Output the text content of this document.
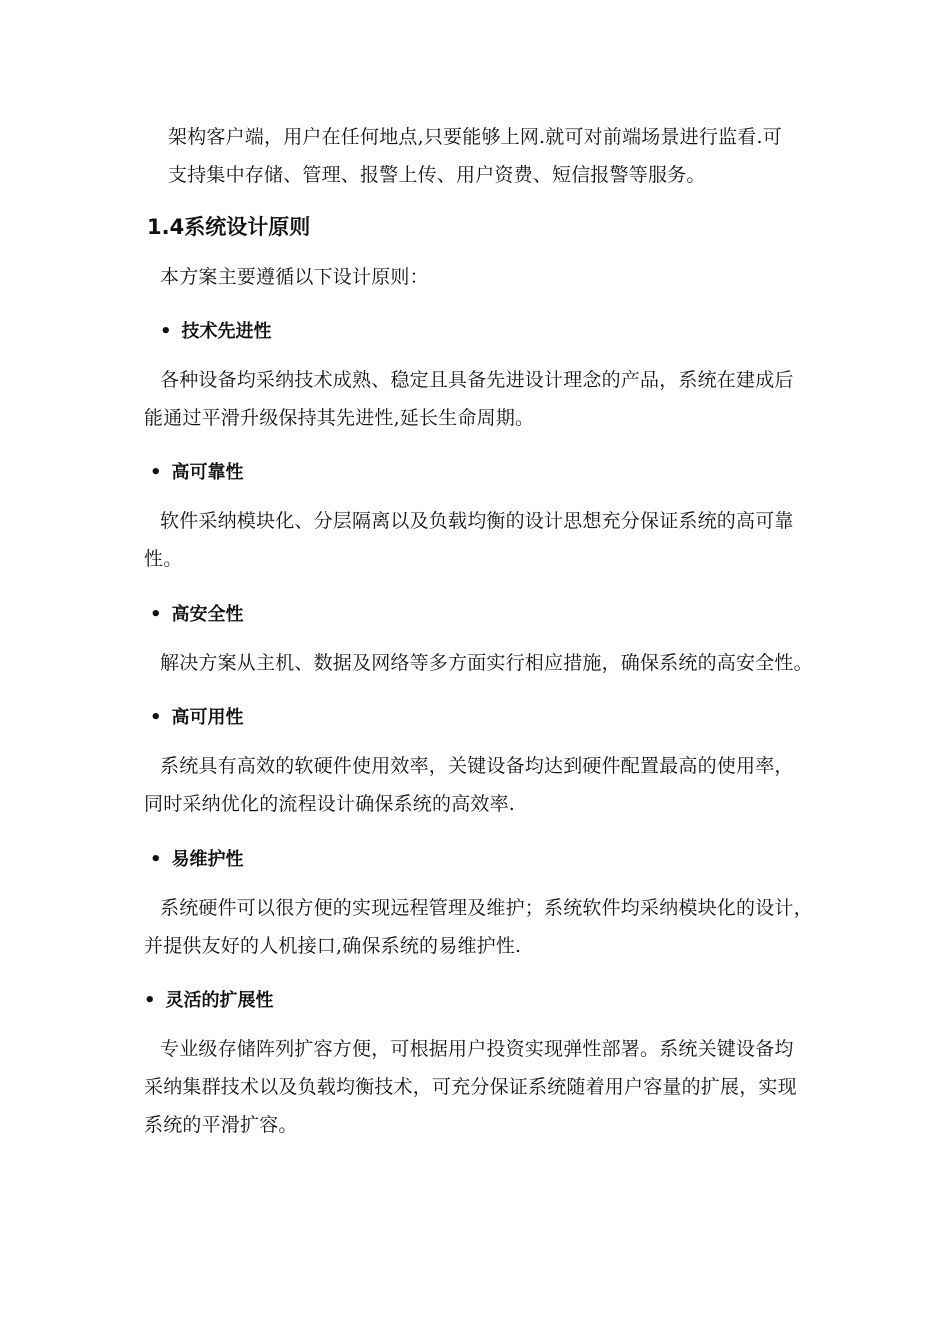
架构客户端，用户在任何地点,只要能够上网.就可对前端场景进行监看.可
支持集中存储、管理、报警上传、用户资费、短信报警等服务。
1.4系统设计原则
本方案主要遵循以下设计原则：
• 技术先进性
各种设备均采纳技术成熟、稳定且具备先进设计理念的产品，系统在建成后
能通过平滑升级保持其先进性,延长生命周期。
• 高可靠性
软件采纳模块化、分层隔离以及负载均衡的设计思想充分保证系统的高可靠
性。
• 高安全性
解决方案从主机、数据及网络等多方面实行相应措施，确保系统的高安全性。
• 高可用性
系统具有高效的软硬件使用效率，关键设备均达到硬件配置最高的使用率，
同时采纳优化的流程设计确保系统的高效率.
• 易维护性
系统硬件可以很方便的实现远程管理及维护；系统软件均采纳模块化的设计，
并提供友好的人机接口,确保系统的易维护性.
• 灵活的扩展性
专业级存储阵列扩容方便，可根据用户投资实现弹性部署。系统关键设备均
采纳集群技术以及负载均衡技术，可充分保证系统随着用户容量的扩展，实现
系统的平滑扩容。
